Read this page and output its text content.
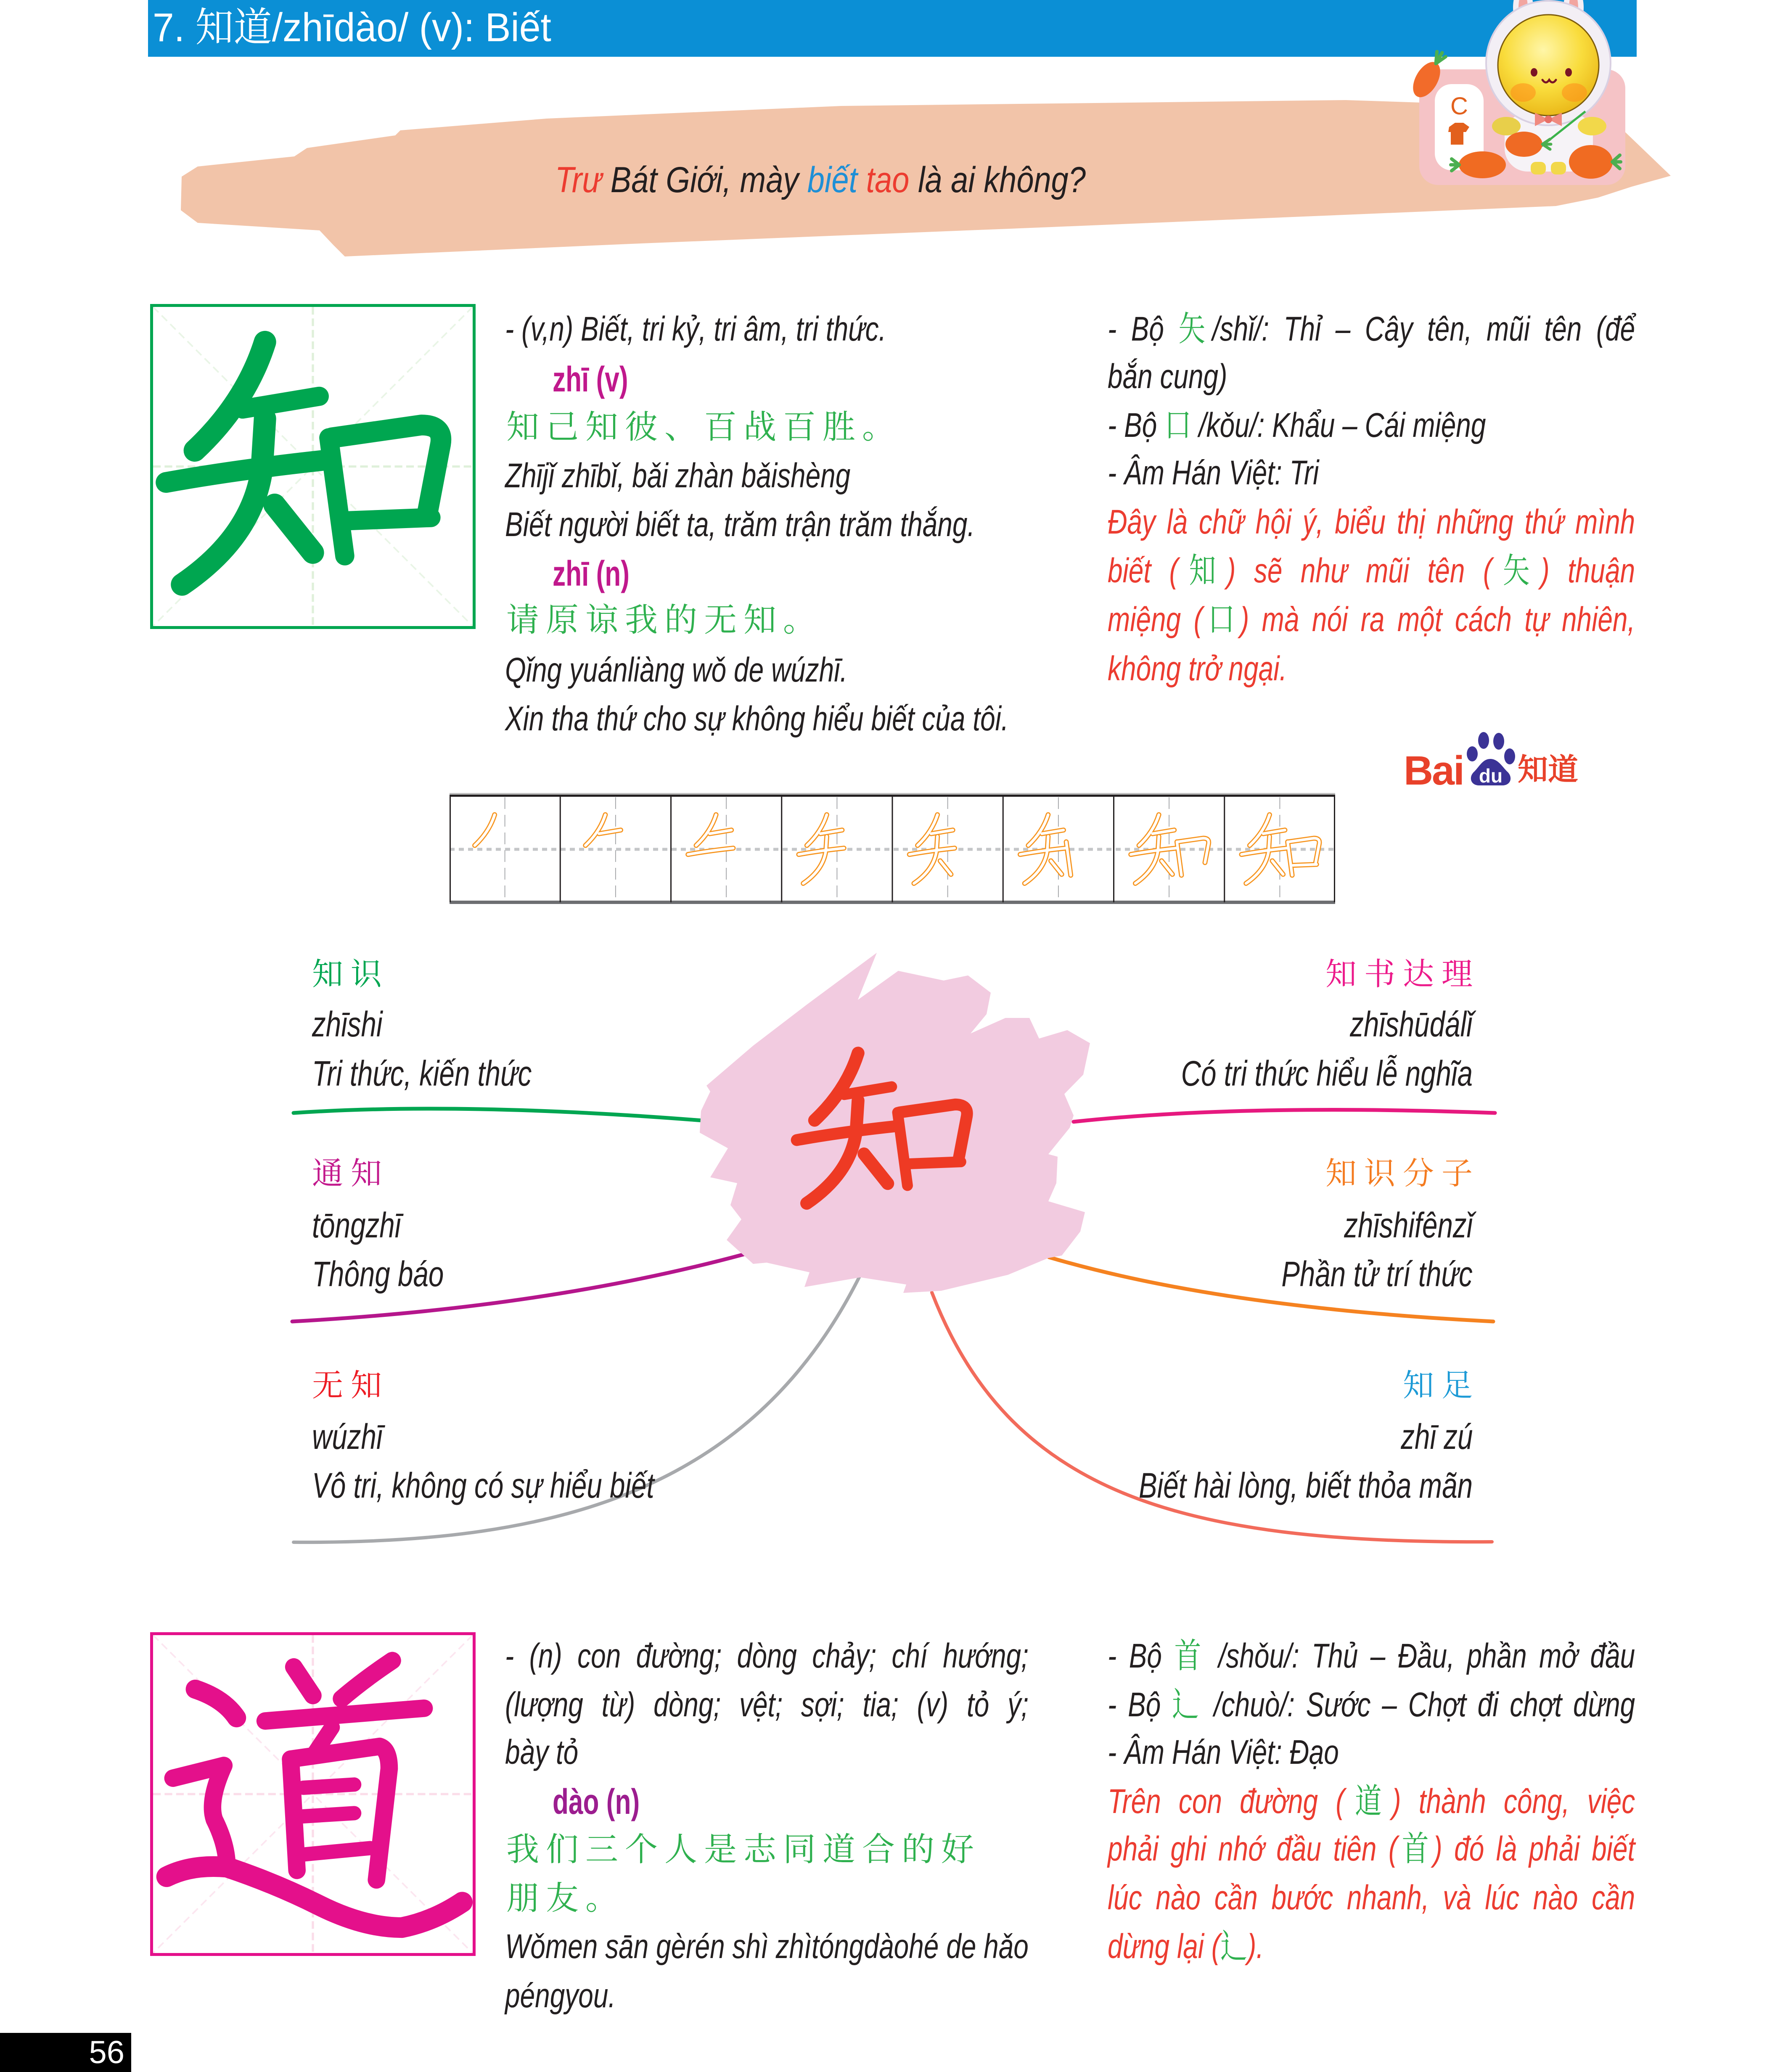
7. 知道/zhīdào/ (v): Biết
C
Trư Bát Giới, mày biết tao là ai không?
- (v,n) Biết, tri kỷ, tri âm, tri thức.
zhī (v)
知己知彼、百战百胜。
Zhījǐ zhībǐ, bǎi zhàn bǎishèng
Biết người biết ta, trăm trận trăm thắng.
zhī (n)
请原谅我的无知。
Qǐng yuánliàng wǒ de wúzhī.
Xin tha thứ cho sự không hiểu biết của tôi.
- Bộ 矢/shǐ/: Thỉ – Cây tên, mũi tên (để
bắn cung)
- Bộ 口 /kǒu/: Khẩu – Cái miệng
- Âm Hán Việt: Tri
Đây là chữ hội ý, biểu thị những thứ mình
biết (知) sẽ như mũi tên (矢) thuận
miệng (口) mà nói ra một cách tự nhiên,
không trở ngại.
Bai du 知道
知识
zhīshi
Tri thức, kiến thức
通知
tōngzhī
Thông báo
无知
wúzhī
Vô tri, không có sự hiểu biết
知书达理
zhīshūdálǐ
Có tri thức hiểu lễ nghĩa
知识分子
zhīshifênzǐ
Phần tử trí thức
知足
zhī zú
Biết hài lòng, biết thỏa mãn
- (n) con đường; dòng chảy; chí hướng;
(lượng từ) dòng; vệt; sợi; tia; (v) tỏ ý;
bày tỏ
dào (n)
我们三个人是志同道合的好
朋友。
Wǒmen sān gèrén shì zhìtóngdàohé de hǎo
péngyou.
- Bộ 首 /shǒu/: Thủ – Đầu, phần mở đầu
- Bộ 辶 /chuò/: Sước – Chợt đi chợt dừng
- Âm Hán Việt: Đạo
Trên con đường (道) thành công, việc
phải ghi nhớ đầu tiên (首) đó là phải biết
lúc nào cần bước nhanh, và lúc nào cần
dừng lại (辶).
56
